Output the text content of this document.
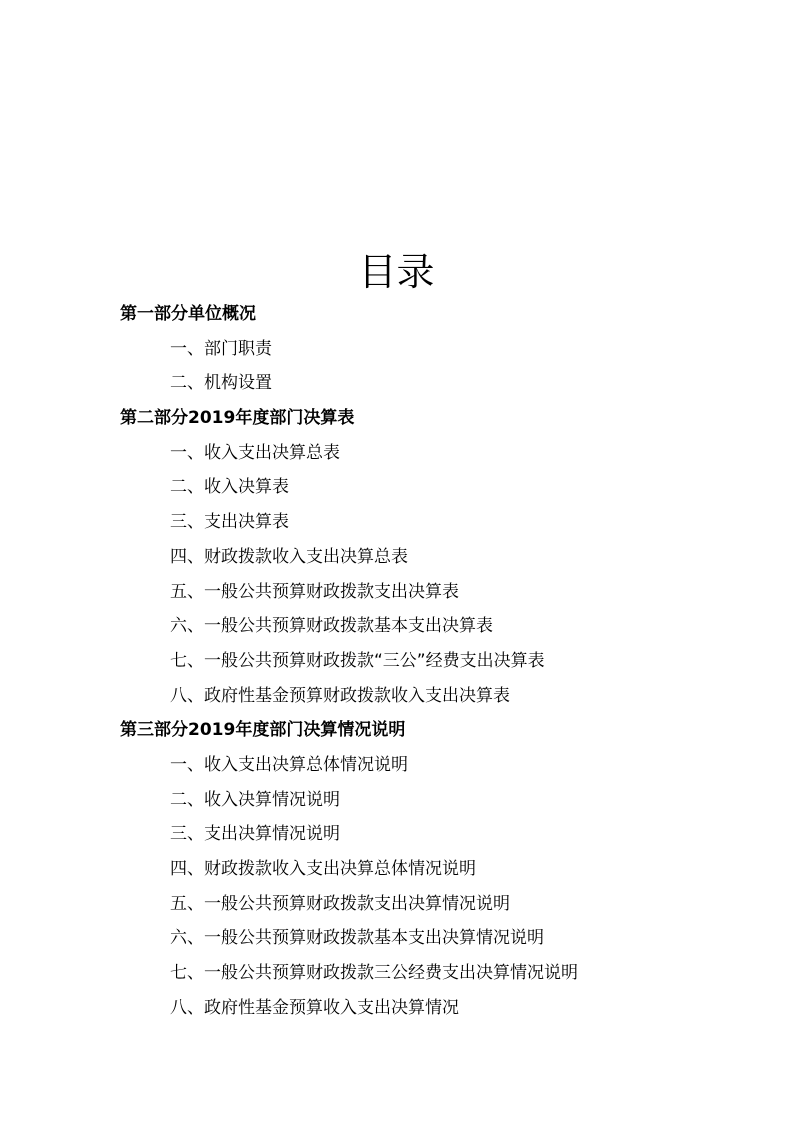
目录
第一部分单位概况
一、部门职责
二、机构设置
第二部分2019年度部门决算表
一、收入支出决算总表
二、收入决算表
三、支出决算表
四、财政拨款收入支出决算总表
五、一般公共预算财政拨款支出决算表
六、一般公共预算财政拨款基本支出决算表
七、一般公共预算财政拨款“三公”经费支出决算表
八、政府性基金预算财政拨款收入支出决算表
第三部分2019年度部门决算情况说明
一、收入支出决算总体情况说明
二、收入决算情况说明
三、支出决算情况说明
四、财政拨款收入支出决算总体情况说明
五、一般公共预算财政拨款支出决算情况说明
六、一般公共预算财政拨款基本支出决算情况说明
七、一般公共预算财政拨款三公经费支出决算情况说明
八、政府性基金预算收入支出决算情况
